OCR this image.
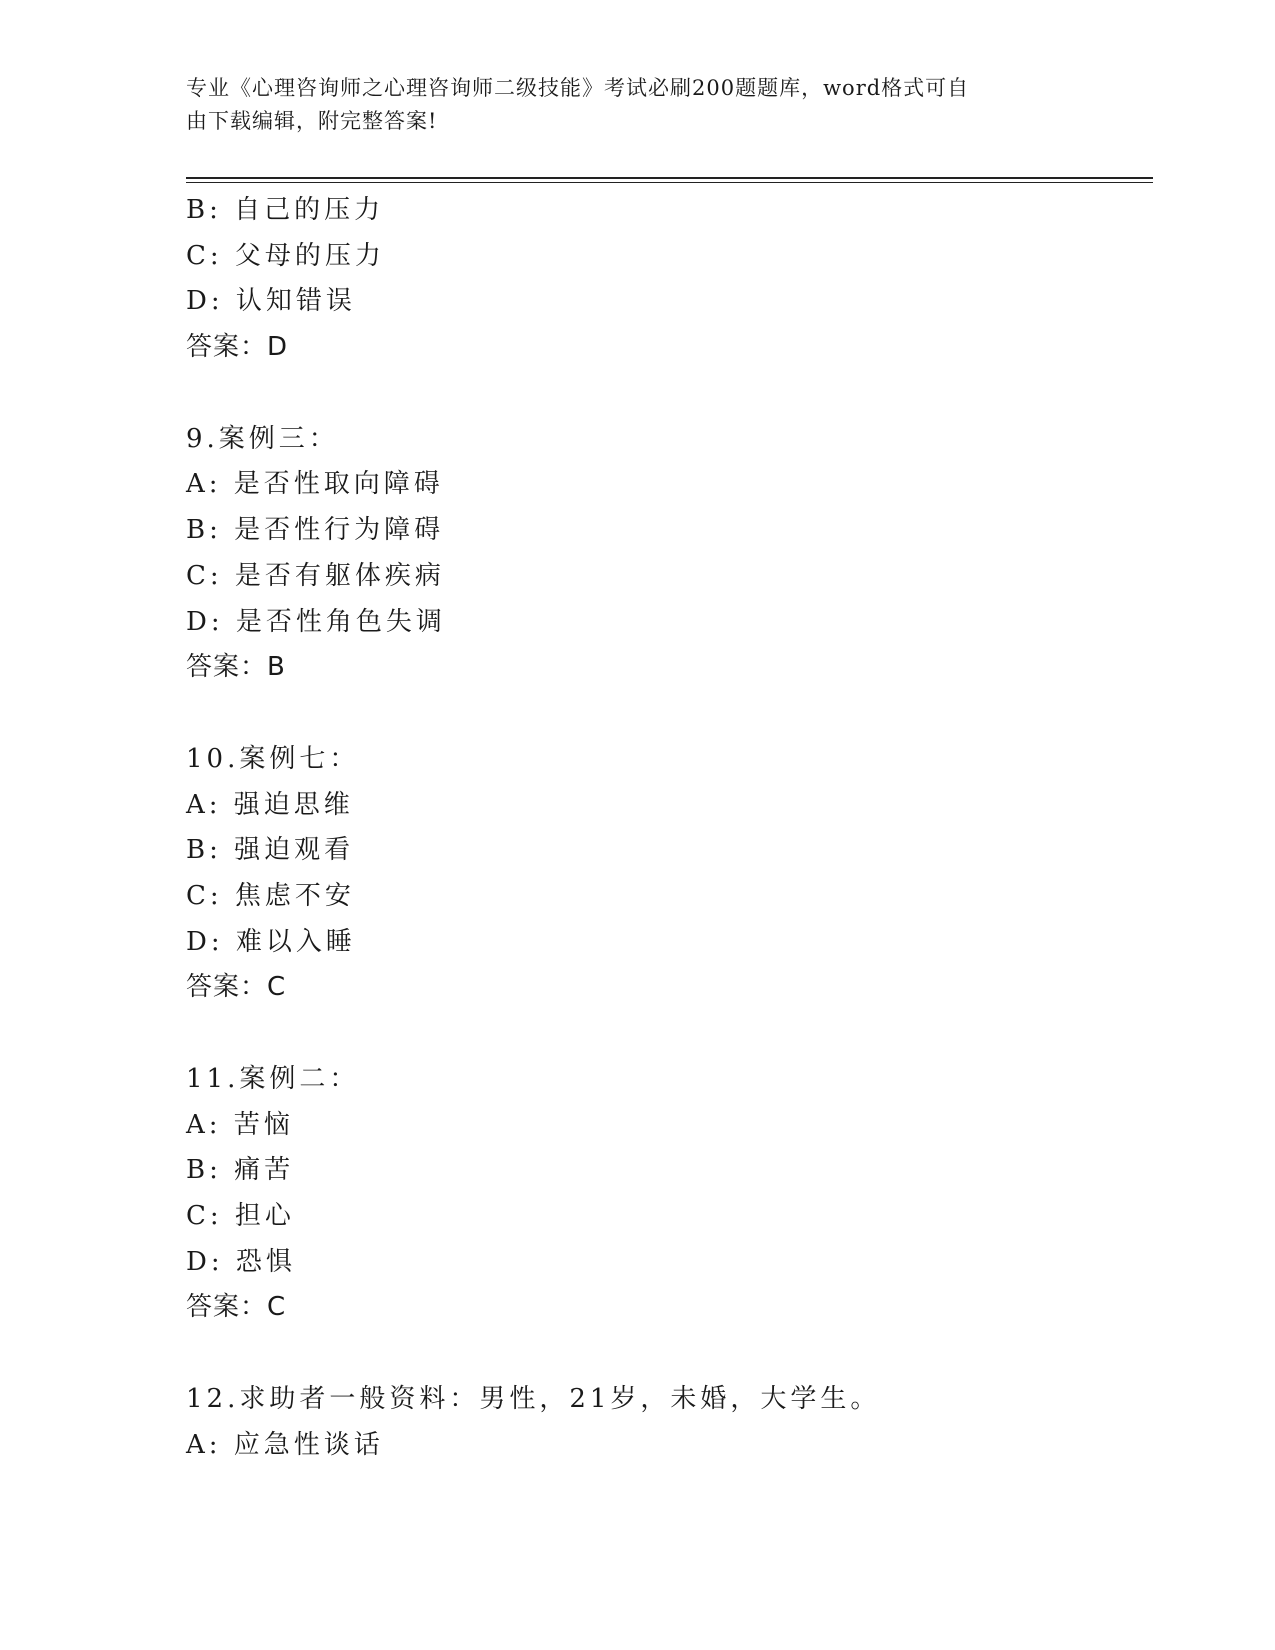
专业《心理咨询师之心理咨询师二级技能》考试必刷200题题库，word格式可自
由下载编辑，附完整答案!
B: 自己的压力
C: 父母的压力
D: 认知错误
答案：D
9.案例三：
A: 是否性取向障碍
B: 是否性行为障碍
C: 是否有躯体疾病
D: 是否性角色失调
答案：B
10.案例七：
A: 强迫思维
B: 强迫观看
C: 焦虑不安
D: 难以入睡
答案：C
11.案例二：
A: 苦恼
B: 痛苦
C: 担心
D: 恐惧
答案：C
12.求助者一般资料：男性，21岁，未婚，大学生。
A: 应急性谈话
